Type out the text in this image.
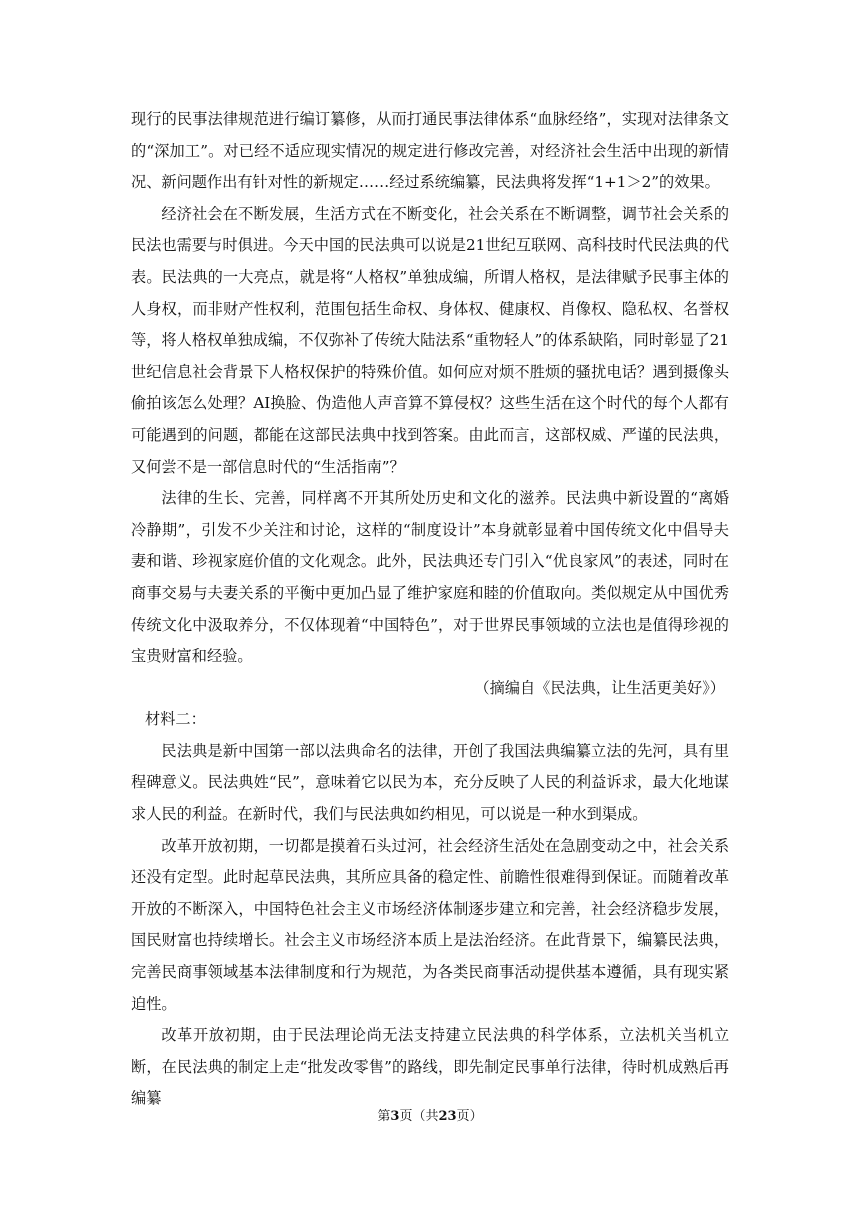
现行的民事法律规范进行编订纂修，从而打通民事法律体系“血脉经络”，实现对法律条文的“深加工”。对已经不适应现实情况的规定进行修改完善，对经济社会生活中出现的新情况、新问题作出有针对性的新规定……经过系统编纂，民法典将发挥“1+1＞2”的效果。

经济社会在不断发展，生活方式在不断变化，社会关系在不断调整，调节社会关系的民法也需要与时俱进。今天中国的民法典可以说是21世纪互联网、高科技时代民法典的代表。民法典的一大亮点，就是将“人格权”单独成编，所谓人格权，是法律赋予民事主体的人身权，而非财产性权利，范围包括生命权、身体权、健康权、肖像权、隐私权、名誉权等，将人格权单独成编，不仅弥补了传统大陆法系“重物轻人”的体系缺陷，同时彰显了21世纪信息社会背景下人格权保护的特殊价值。如何应对烦不胜烦的骚扰电话？遇到摄像头偷拍该怎么处理？AI换脸、伪造他人声音算不算侵权？这些生活在这个时代的每个人都有可能遇到的问题，都能在这部民法典中找到答案。由此而言，这部权威、严谨的民法典，又何尝不是一部信息时代的“生活指南”？

法律的生长、完善，同样离不开其所处历史和文化的滋养。民法典中新设置的“离婚冷静期”，引发不少关注和讨论，这样的“制度设计”本身就彰显着中国传统文化中倡导夫妻和谐、珍视家庭价值的文化观念。此外，民法典还专门引入“优良家风”的表述，同时在商事交易与夫妻关系的平衡中更加凸显了维护家庭和睦的价值取向。类似规定从中国优秀传统文化中汲取养分，不仅体现着“中国特色”，对于世界民事领域的立法也是值得珍视的宝贵财富和经验。

（摘编自《民法典，让生活更美好》）

材料二：

民法典是新中国第一部以法典命名的法律，开创了我国法典编纂立法的先河，具有里程碑意义。民法典姓“民”，意味着它以民为本，充分反映了人民的利益诉求，最大化地谋求人民的利益。在新时代，我们与民法典如约相见，可以说是一种水到渠成。

改革开放初期，一切都是摸着石头过河，社会经济生活处在急剧变动之中，社会关系还没有定型。此时起草民法典，其所应具备的稳定性、前瞻性很难得到保证。而随着改革开放的不断深入，中国特色社会主义市场经济体制逐步建立和完善，社会经济稳步发展，国民财富也持续增长。社会主义市场经济本质上是法治经济。在此背景下，编纂民法典，完善民商事领域基本法律制度和行为规范，为各类民商事活动提供基本遵循，具有现实紧迫性。

改革开放初期，由于民法理论尚无法支持建立民法典的科学体系，立法机关当机立断，在民法典的制定上走“批发改零售”的路线，即先制定民事单行法律，待时机成熟后再编纂

第3页（共23页）
